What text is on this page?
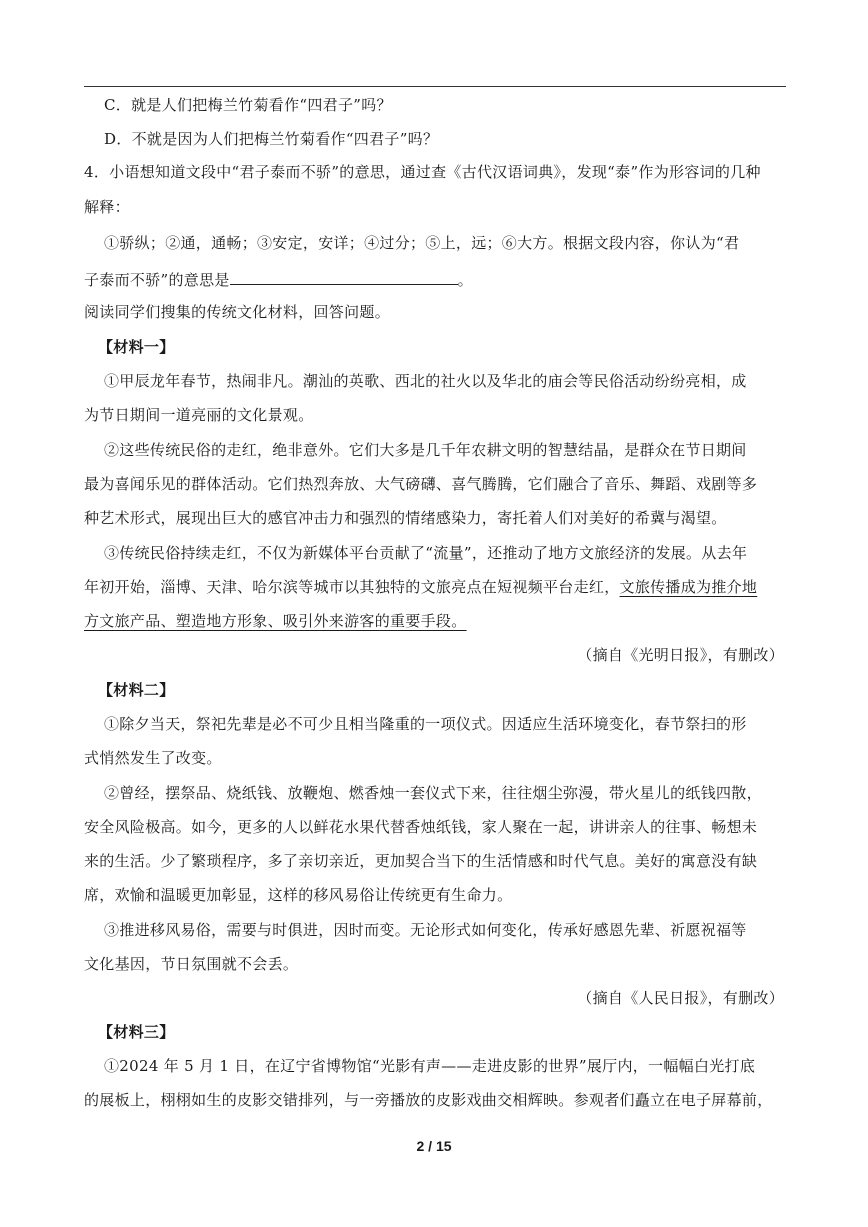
C．就是人们把梅兰竹菊看作“四君子”吗？
D．不就是因为人们把梅兰竹菊看作“四君子”吗？
4．小语想知道文段中“君子泰而不骄”的意思，通过查《古代汉语词典》，发现“泰”作为形容词的几种
解释：
①骄纵；②通，通畅；③安定，安详；④过分；⑤上，远；⑥大方。根据文段内容，你认为“君
子泰而不骄”的意思是	。
阅读同学们搜集的传统文化材料，回答问题。
【材料一】
①甲辰龙年春节，热闹非凡。潮汕的英歌、西北的社火以及华北的庙会等民俗活动纷纷亮相，成
为节日期间一道亮丽的文化景观。
②这些传统民俗的走红，绝非意外。它们大多是几千年农耕文明的智慧结晶，是群众在节日期间
最为喜闻乐见的群体活动。它们热烈奔放、大气磅礴、喜气腾腾，它们融合了音乐、舞蹈、戏剧等多
种艺术形式，展现出巨大的感官冲击力和强烈的情绪感染力，寄托着人们对美好的希冀与渴望。
③传统民俗持续走红，不仅为新媒体平台贡献了“流量”，还推动了地方文旅经济的发展。从去年
年初开始，淄博、天津、哈尔滨等城市以其独特的文旅亮点在短视频平台走红，文旅传播成为推介地
方文旅产品、塑造地方形象、吸引外来游客的重要手段。
（摘自《光明日报》，有删改）
【材料二】
①除夕当天，祭祀先辈是必不可少且相当隆重的一项仪式。因适应生活环境变化，春节祭扫的形
式悄然发生了改变。
②曾经，摆祭品、烧纸钱、放鞭炮、燃香烛一套仪式下来，往往烟尘弥漫，带火星儿的纸钱四散，
安全风险极高。如今，更多的人以鲜花水果代替香烛纸钱，家人聚在一起，讲讲亲人的往事、畅想未
来的生活。少了繁琐程序，多了亲切亲近，更加契合当下的生活情感和时代气息。美好的寓意没有缺
席，欢愉和温暖更加彰显，这样的移风易俗让传统更有生命力。
③推进移风易俗，需要与时俱进，因时而变。无论形式如何变化，传承好感恩先辈、祈愿祝福等
文化基因，节日氛围就不会丢。
（摘自《人民日报》，有删改）
【材料三】
①2024 年 5 月 1 日，在辽宁省博物馆“光影有声——走进皮影的世界”展厅内，一幅幅白光打底
的展板上，栩栩如生的皮影交错排列，与一旁播放的皮影戏曲交相辉映。参观者们矗立在电子屏幕前，
2 / 15
